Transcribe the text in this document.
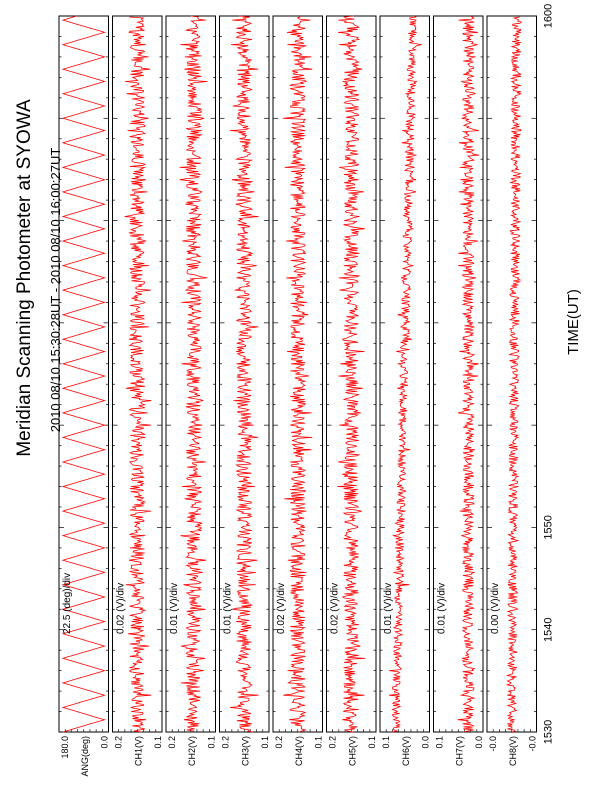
Meridian Scanning Photometer at SYOWA 2010 08/10 15:30:28UT - 2010 08/10 16:00:27UT	TIME(UT)
22.5 (deg)/div
180.0 ANG(deg) 0.0
0.02 (V)/div
0.2 CH1(V) 0.1
0.01 (V)/div
0.2 CH2(V) 0.1
0.01 (V)/div
0.2 CH3(V) 0.1
0.02 (V)/div
0.2 CH4(V) 0.1
0.02 (V)/div
0.2 CH5(V) 0.1
0.01 (V)/div
0.1 CH6(V) 0.0
0.01 (V)/div
0.1 CH7(V) 0.0
0.00 (V)/div
-0.0 CH8(V) -0.0 1530
1540
1550
1600
